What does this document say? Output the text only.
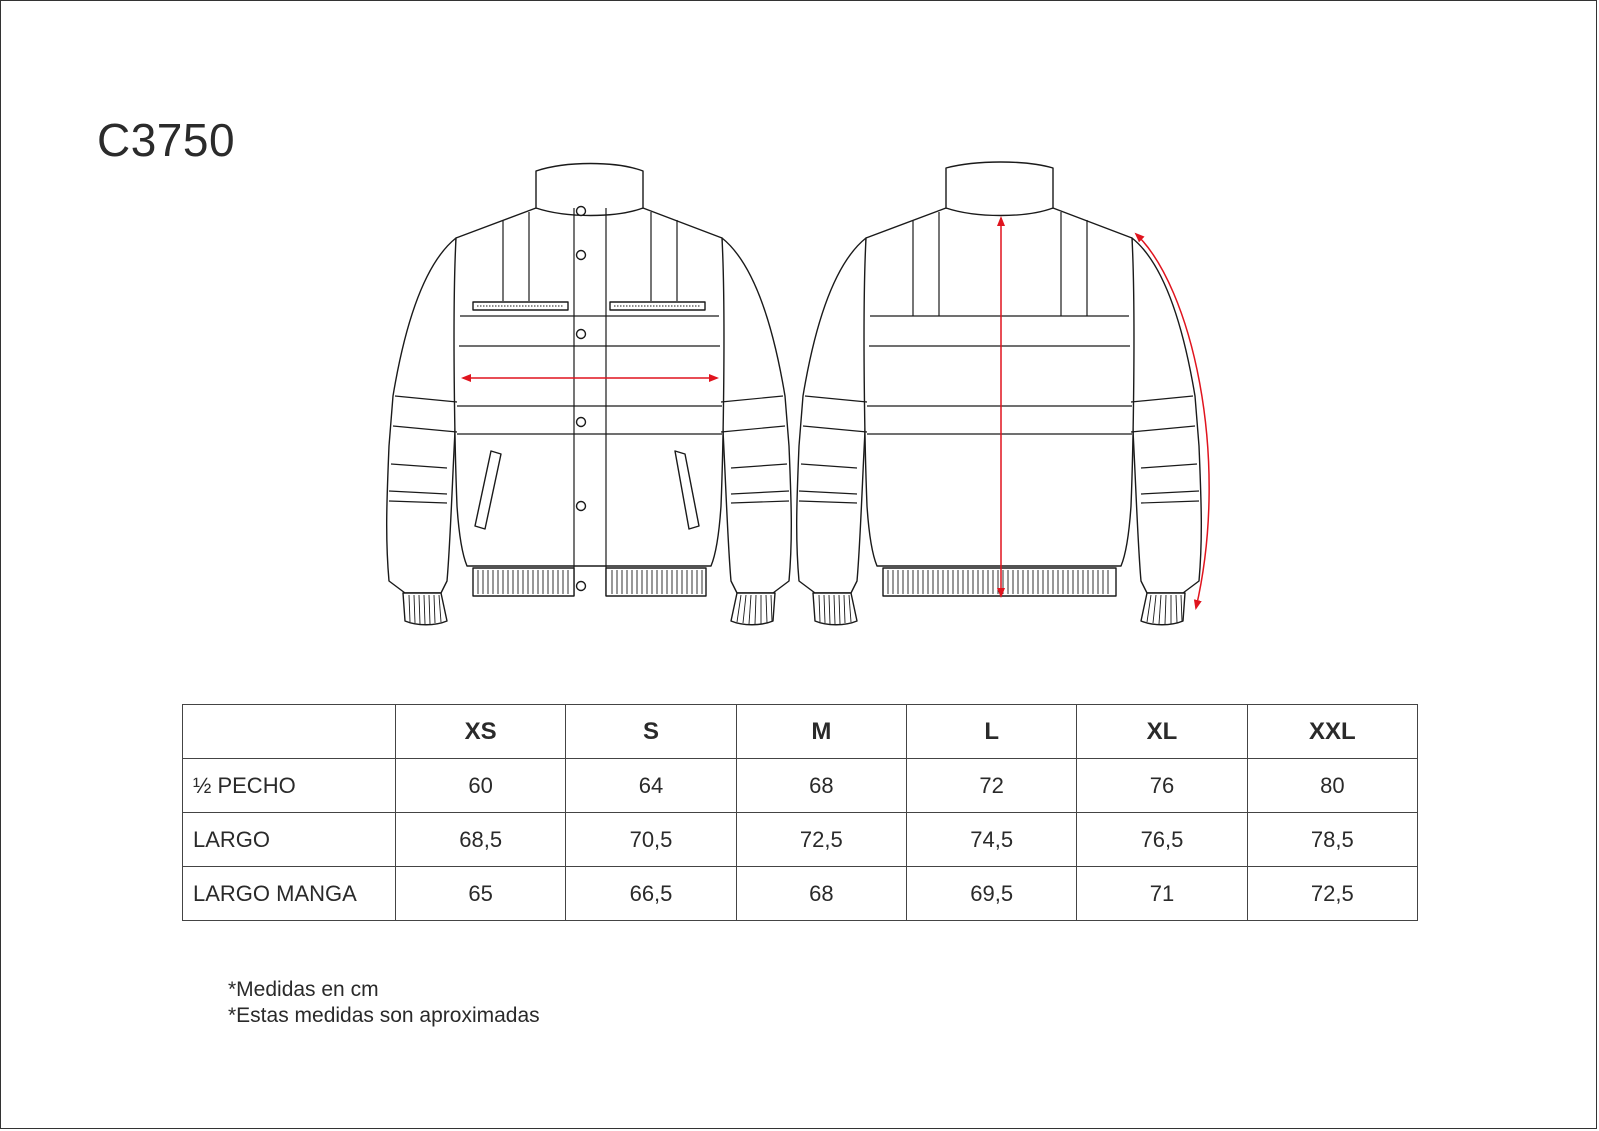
C3750
	XS	S	M	L	XL	XXL
½ PECHO	60	64	68	72	76	80
LARGO	68,5	70,5	72,5	74,5	76,5	78,5
LARGO MANGA	65	66,5	68	69,5	71	72,5
*Medidas en cm
*Estas medidas son aproximadas
